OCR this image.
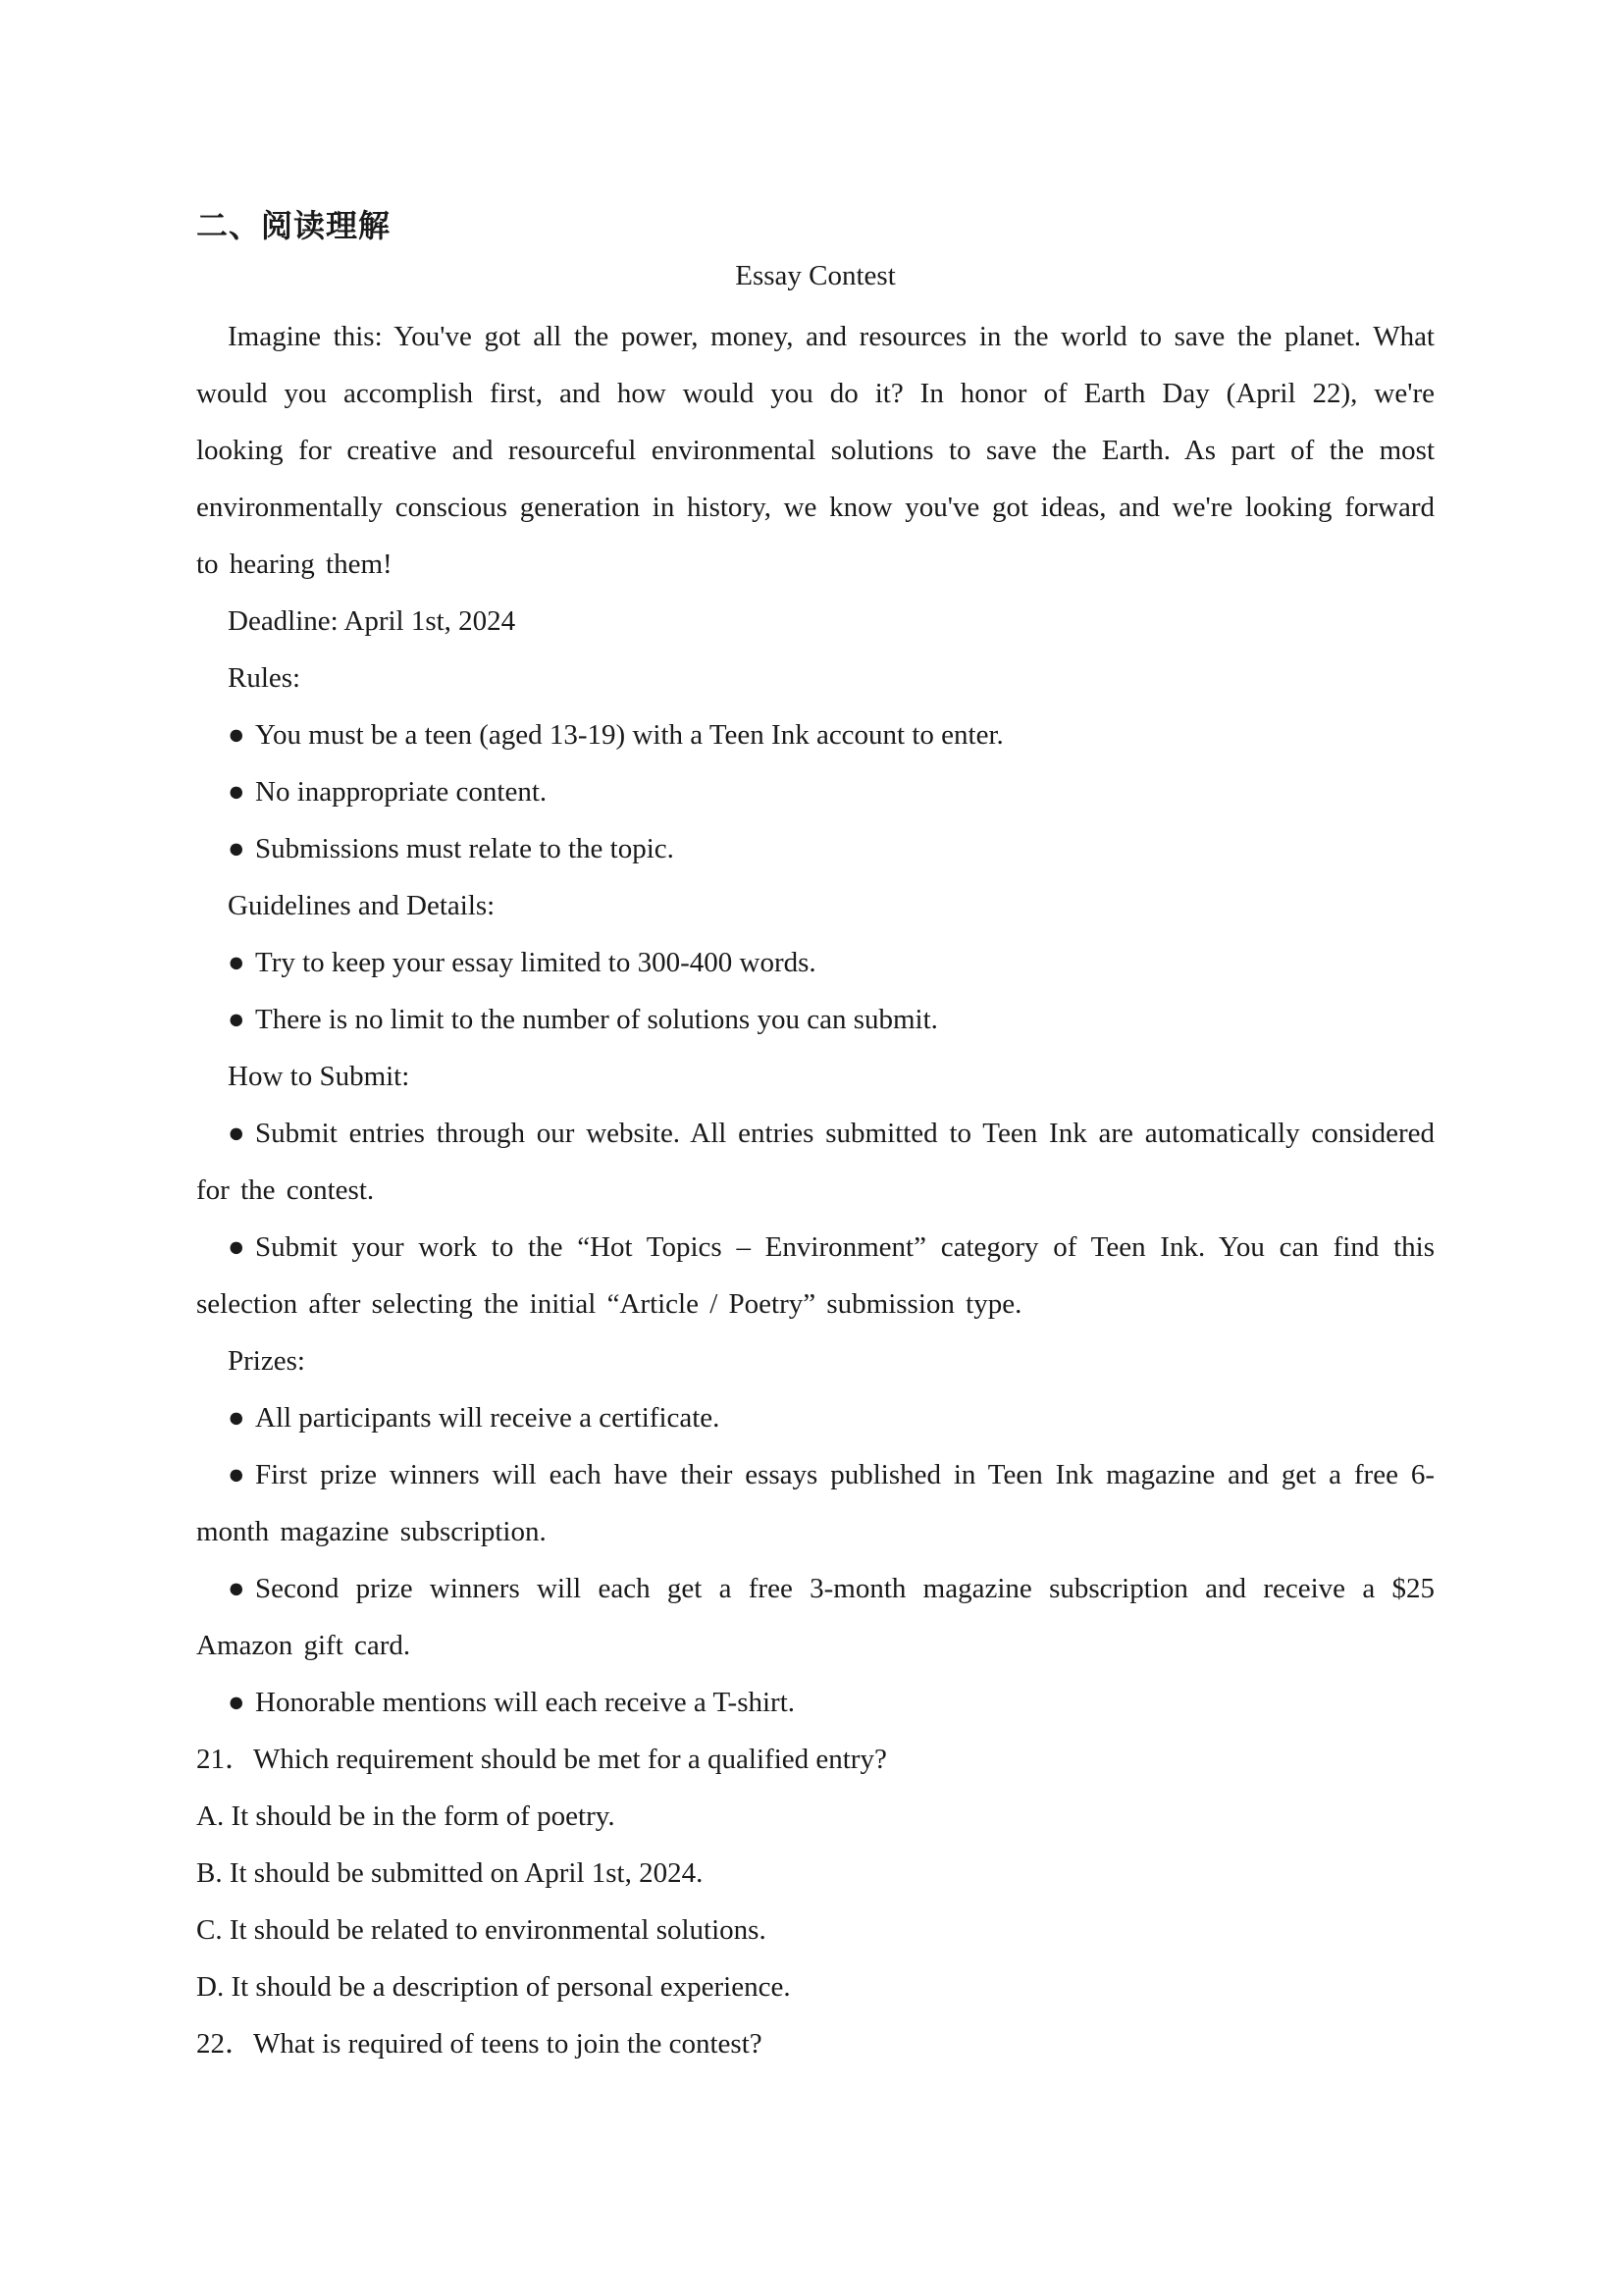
二、阅读理解
Essay Contest

Imagine this: You've got all the power, money, and resources in the world to save the planet. What would you accomplish first, and how would you do it? In honor of Earth Day (April 22), we're looking for creative and resourceful environmental solutions to save the Earth. As part of the most environmentally conscious generation in history, we know you've got ideas, and we're looking forward to hearing them!

Deadline: April 1st, 2024

Rules:

● You must be a teen (aged 13-19) with a Teen Ink account to enter.

● No inappropriate content.

● Submissions must relate to the topic.

Guidelines and Details:

● Try to keep your essay limited to 300-400 words.

● There is no limit to the number of solutions you can submit.

How to Submit:

● Submit entries through our website. All entries submitted to Teen Ink are automatically considered for the contest.

● Submit your work to the “Hot Topics – Environment” category of Teen Ink. You can find this selection after selecting the initial “Article / Poetry” submission type.

Prizes:

● All participants will receive a certificate.

● First prize winners will each have their essays published in Teen Ink magazine and get a free 6-month magazine subscription.

● Second prize winners will each get a free 3-month magazine subscription and receive a $25 Amazon gift card.

● Honorable mentions will each receive a T-shirt.

21．Which requirement should be met for a qualified entry?

A. It should be in the form of poetry.

B. It should be submitted on April 1st, 2024.

C. It should be related to environmental solutions.

D. It should be a description of personal experience.

22．What is required of teens to join the contest?
